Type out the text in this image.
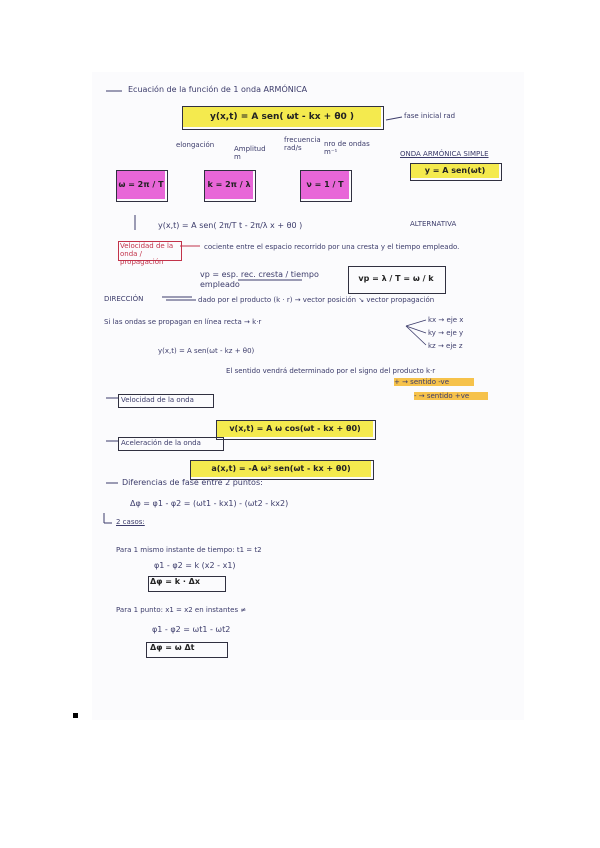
Ecuación de la función de 1 onda ARMÓNICA
y(x,t) = A sen( ωt - kx + θ0 )	fase inicial rad
elongación	Amplitud m
frecuencia rad/s	nro de ondas m⁻¹	ONDA ARMÓNICA SIMPLE
y = A sen(ωt)
ω = 2π / T	k = 2π / λ	ν = 1 / T
y(x,t) = A sen( 2π/T t - 2π/λ x + θ0 )	ALTERNATIVA
Velocidad de la onda / propagación
cociente entre el espacio recorrido por una cresta y el tiempo empleado.
vp = esp. rec. cresta / tiempo empleado
vp = λ / T = ω / k
DIRECCIÓN	dado por el producto (k · r) → vector posición ↘ vector propagación
Si las ondas se propagan en línea recta → k·r	kx → eje x
ky → eje y
kz → eje z
y(x,t) = A sen(ωt - kz + θ0)
El sentido vendrá determinado por el signo del producto k·r
+ → sentido -ve
- → sentido +ve
Velocidad de la onda
v(x,t) = A ω cos(ωt - kx + θ0)
Aceleración de la onda
a(x,t) = -A ω² sen(ωt - kx + θ0)
Diferencias de fase entre 2 puntos:
Δφ = φ1 - φ2 = (ωt1 - kx1) - (ωt2 - kx2)
2 casos:
Para 1 mismo instante de tiempo: t1 = t2
φ1 - φ2 = k (x2 - x1)
Δφ = k · Δx
Para 1 punto: x1 = x2 en instantes ≠
φ1 - φ2 = ωt1 - ωt2
Δφ = ω Δt
